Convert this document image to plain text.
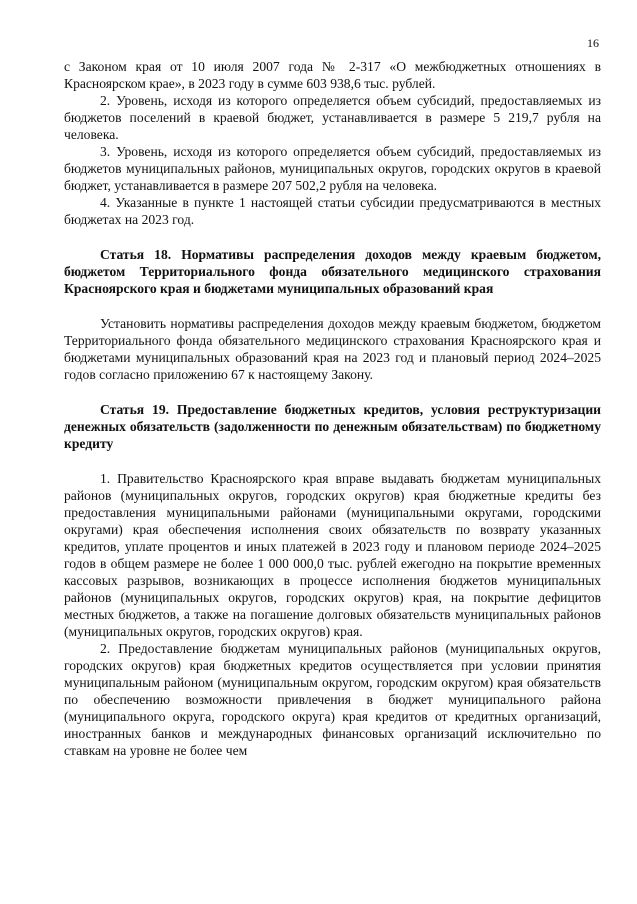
16

с Законом края от 10 июля 2007 года № 2-317 «О межбюджетных отношениях в Красноярском крае», в 2023 году в сумме 603 938,6 тыс. рублей.

2. Уровень, исходя из которого определяется объем субсидий, предоставляемых из бюджетов поселений в краевой бюджет, устанавливается в размере 5 219,7 рубля на человека.

3. Уровень, исходя из которого определяется объем субсидий, предоставляемых из бюджетов муниципальных районов, муниципальных округов, городских округов в краевой бюджет, устанавливается в размере 207 502,2 рубля на человека.

4. Указанные в пункте 1 настоящей статьи субсидии предусматриваются в местных бюджетах на 2023 год.

Статья 18. Нормативы распределения доходов между краевым бюджетом, бюджетом Территориального фонда обязательного медицинского страхования Красноярского края и бюджетами муниципальных образований края

Установить нормативы распределения доходов между краевым бюджетом, бюджетом Территориального фонда обязательного медицинского страхования Красноярского края и бюджетами муниципальных образований края на 2023 год и плановый период 2024–2025 годов согласно приложению 67 к настоящему Закону.

Статья 19. Предоставление бюджетных кредитов, условия реструктуризации денежных обязательств (задолженности по денежным обязательствам) по бюджетному кредиту

1. Правительство Красноярского края вправе выдавать бюджетам муниципальных районов (муниципальных округов, городских округов) края бюджетные кредиты без предоставления муниципальными районами (муниципальными округами, городскими округами) края обеспечения исполнения своих обязательств по возврату указанных кредитов, уплате процентов и иных платежей в 2023 году и плановом периоде 2024–2025 годов в общем размере не более 1 000 000,0 тыс. рублей ежегодно на покрытие временных кассовых разрывов, возникающих в процессе исполнения бюджетов муниципальных районов (муниципальных округов, городских округов) края, на покрытие дефицитов местных бюджетов, а также на погашение долговых обязательств муниципальных районов (муниципальных округов, городских округов) края.

2. Предоставление бюджетам муниципальных районов (муниципальных округов, городских округов) края бюджетных кредитов осуществляется при условии принятия муниципальным районом (муниципальным округом, городским округом) края обязательств по обеспечению возможности привлечения в бюджет муниципального района (муниципального округа, городского округа) края кредитов от кредитных организаций, иностранных банков и международных финансовых организаций исключительно по ставкам на уровне не более чем
